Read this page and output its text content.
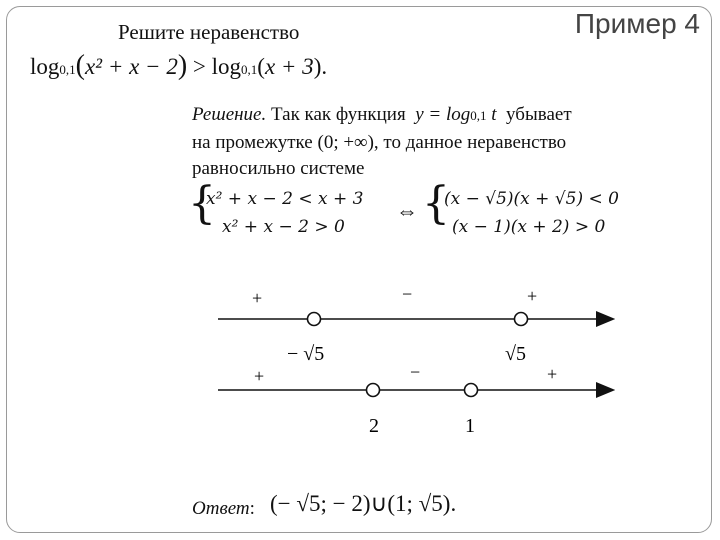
Пример 4
Решите неравенство
log0,1(x² + x − 2) > log0,1(x + 3).
Решение. Так как функция y = log0,1 t убывает
на промежутке (0; +∞), то данное неравенство
равносильно системе
{
x² + x − 2 < x + 3
x² + x − 2 > 0
⇔ {
(x − √5)(x + √5) < 0
(x − 1)(x + 2) > 0
+	−	+
− √5	√5
+	−	+
2	1
Ответ: (− √5; − 2)∪(1; √5).
